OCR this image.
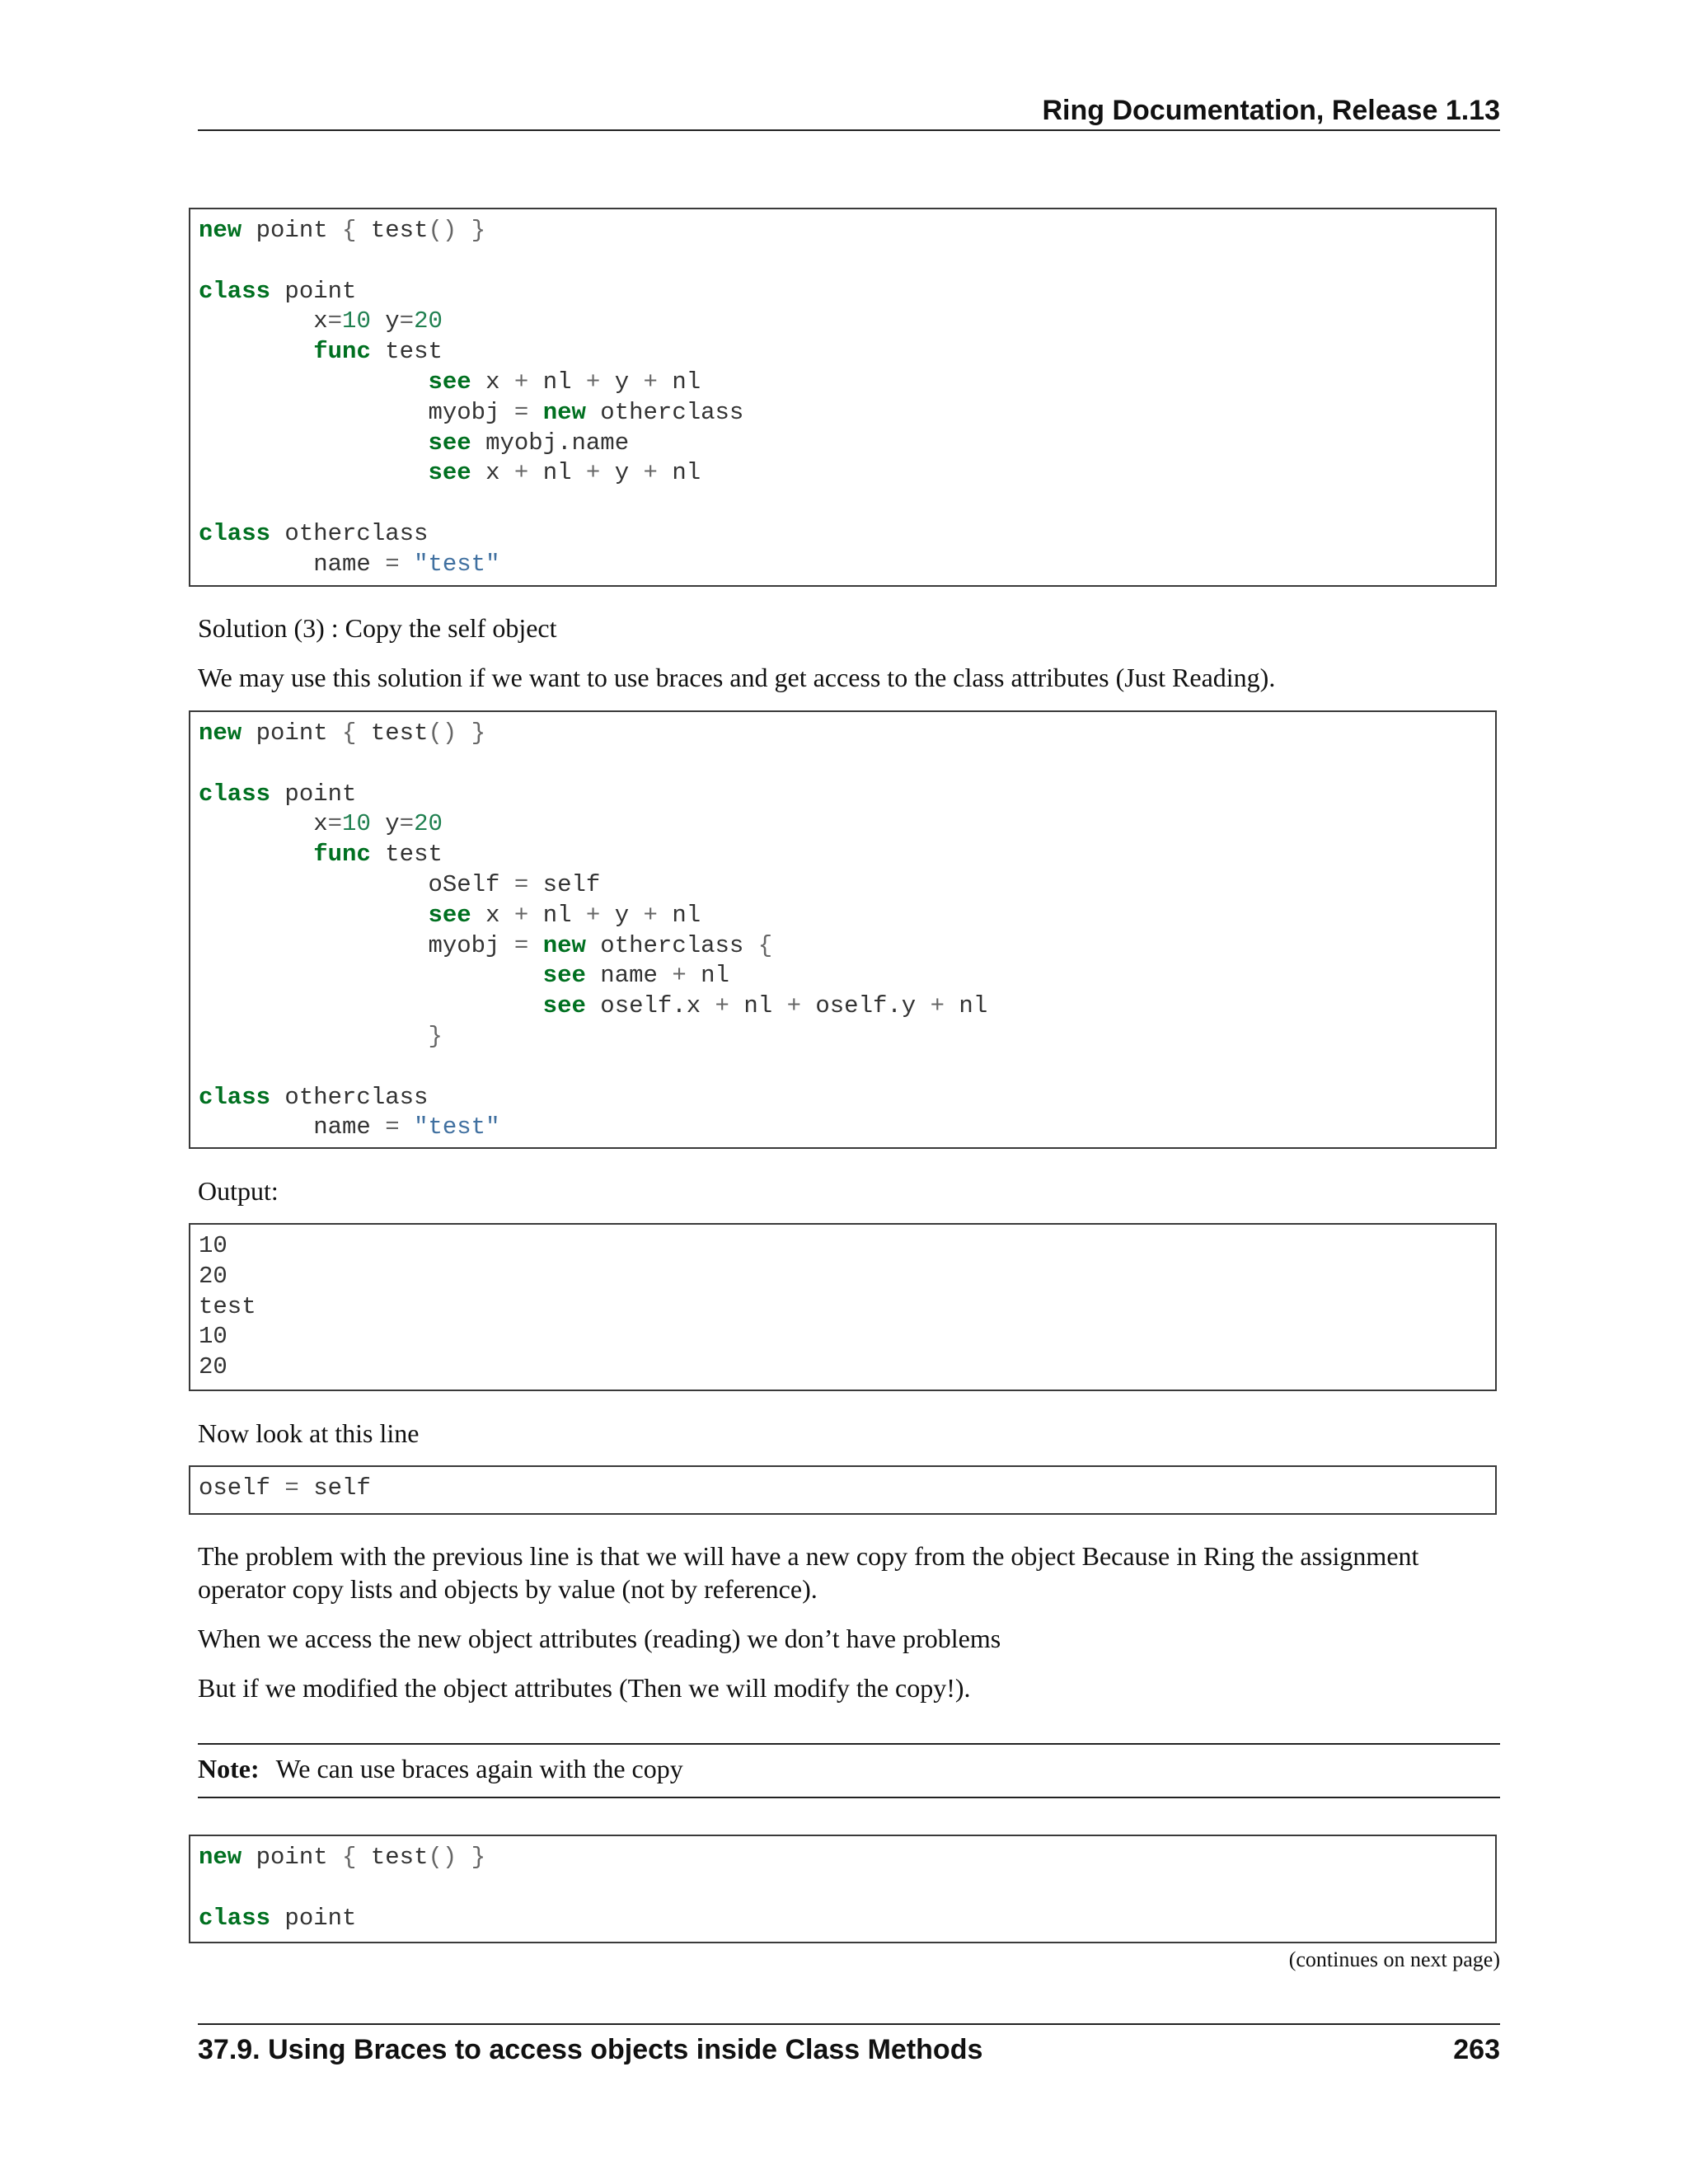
Ring Documentation, Release 1.13
new point { test() }

class point
x=10 y=20
func test
see x + nl + y + nl
myobj = new otherclass
see myobj.name
see x + nl + y + nl

class otherclass
name = "test"
Solution (3) : Copy the self object
We may use this solution if we want to use braces and get access to the class attributes (Just Reading).
new point { test() }

class point
x=10 y=20
func test
oSelf = self
see x + nl + y + nl
myobj = new otherclass {
see name + nl
see oself.x + nl + oself.y + nl
}

class otherclass
name = "test"
Output:
10
20
test
10
20
Now look at this line
oself = self
The problem with the previous line is that we will have a new copy from the object Because in Ring the assignment operator copy lists and objects by value (not by reference).
When we access the new object attributes (reading) we don’t have problems
But if we modified the object attributes (Then we will modify the copy!).
Note: We can use braces again with the copy
new point { test() }

class point
(continues on next page)
37.9. Using Braces to access objects inside Class Methods	263
